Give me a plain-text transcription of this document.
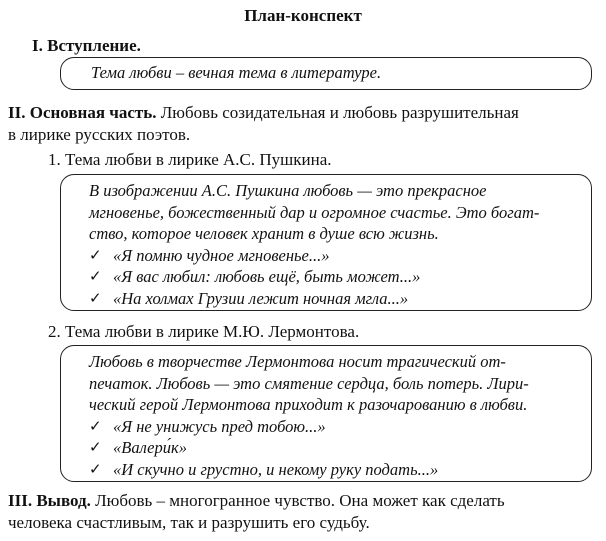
План-конспект
I. Вступление.
Тема любви – вечная тема в литературе.
II. Основная часть. Любовь созидательная и любовь разрушительная
в лирике русских поэтов.
1. Тема любви в лирике А.С. Пушкина.
В изображении А.С. Пушкина любовь — это прекрасное
мгновенье, божественный дар и огромное счастье. Это богат-
ство, которое человек хранит в душе всю жизнь.
✓ «Я помню чудное мгновенье...»
✓ «Я вас любил: любовь ещё, быть может...»
✓ «На холмах Грузии лежит ночная мгла...»
2. Тема любви в лирике М.Ю. Лермонтова.
Любовь в творчестве Лермонтова носит трагический от-
печаток. Любовь — это смятение сердца, боль потерь. Лири-
ческий герой Лермонтова приходит к разочарованию в любви.
✓ «Я не унижусь пред тобою...»
✓ «Валери́к»
✓ «И скучно и грустно, и некому руку подать...»
III. Вывод. Любовь – многогранное чувство. Она может как сделать
человека счастливым, так и разрушить его судьбу.
